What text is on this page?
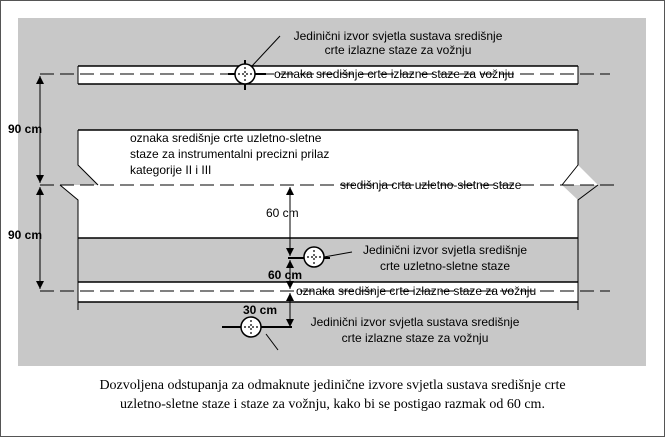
Jedinični izvor svjetla sustava središnje
crte izlazne staze za vožnju
oznaka središnje crte izlazne staze za vožnju
oznaka središnje crte uzletno-sletne
staze za instrumentalni precizni prilaz
kategorije II i III
središnja crta uzletno-sletne staze
Jedinični izvor svjetla središnje
crte uzletno-sletne staze
oznaka središnje crte izlazne staze za vožnju
Jedinični izvor svjetla sustava središnje
crte izlazne staze za vožnju
90 cm
90 cm
60 cm
60 cm
30 cm
Dozvoljena odstupanja za odmaknute jedinične izvore svjetla sustava središnje crte
uzletno-sletne staze i staze za vožnju, kako bi se postigao razmak od 60 cm.
